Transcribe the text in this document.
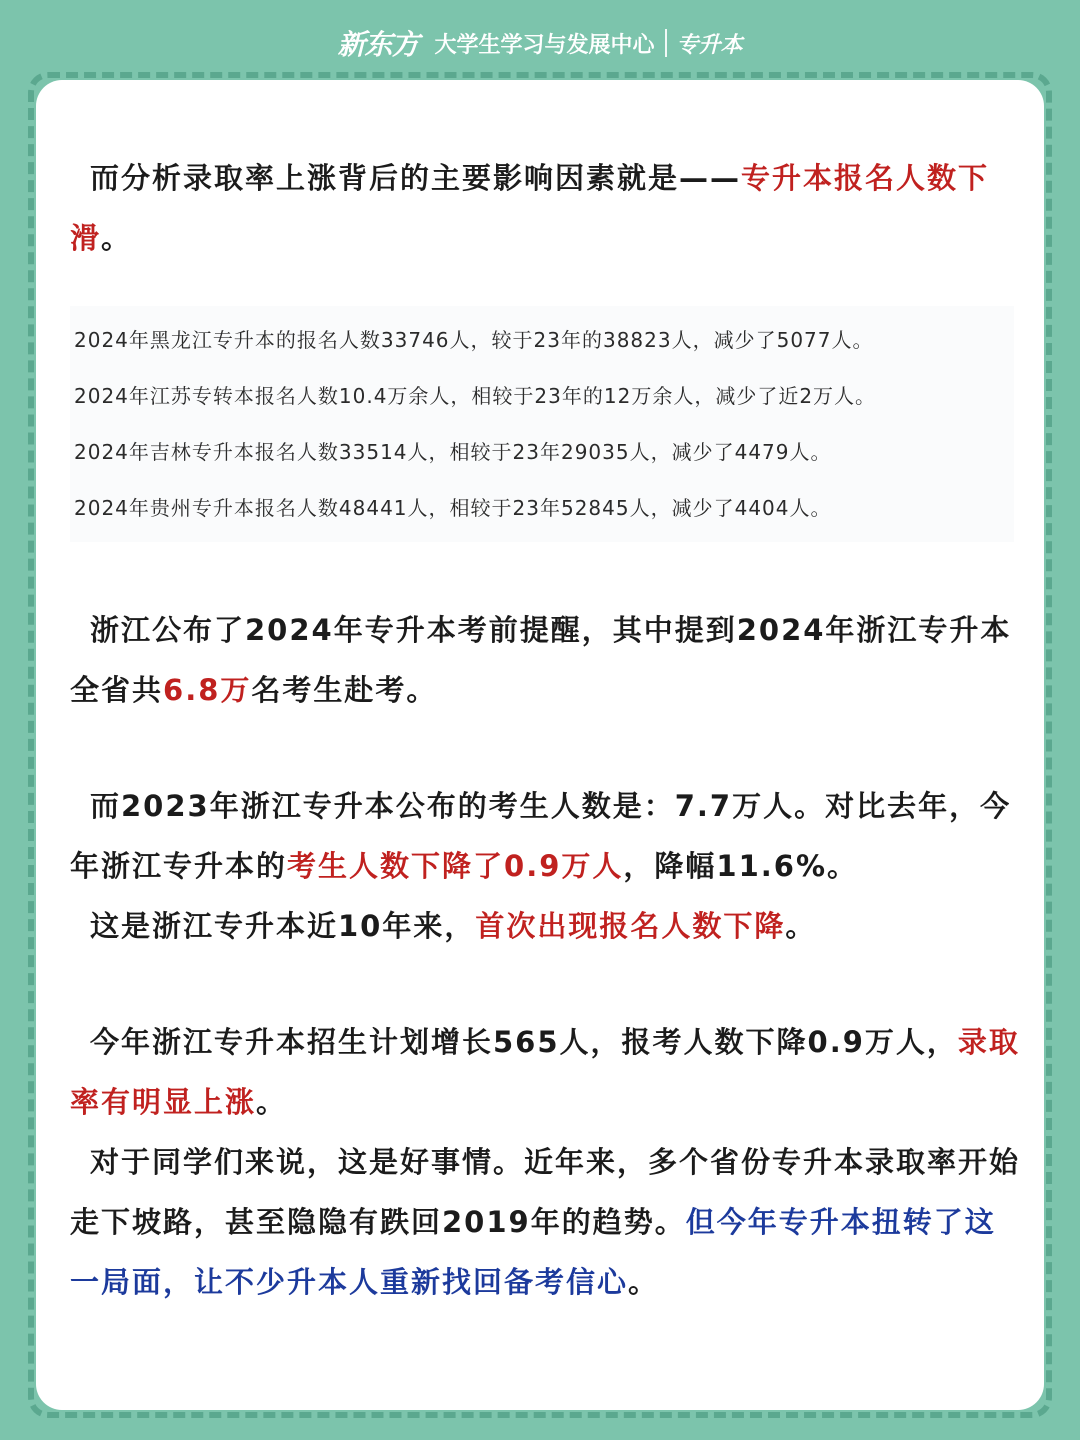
新东方 大学生学习与发展中心 专升本

而分析录取率上涨背后的主要影响因素就是——专升本报名人数下滑。

2024年黑龙江专升本的报名人数33746人，较于23年的38823人，减少了5077人。

2024年江苏专转本报名人数10.4万余人，相较于23年的12万余人，减少了近2万人。

2024年吉林专升本报名人数33514人，相较于23年29035人，减少了4479人。

2024年贵州专升本报名人数48441人，相较于23年52845人，减少了4404人。

浙江公布了2024年专升本考前提醒，其中提到2024年浙江专升本全省共6.8万名考生赴考。

而2023年浙江专升本公布的考生人数是：7.7万人。对比去年，今年浙江专升本的考生人数下降了0.9万人，降幅11.6%。

这是浙江专升本近10年来，首次出现报名人数下降。

今年浙江专升本招生计划增长565人，报考人数下降0.9万人，录取率有明显上涨。

对于同学们来说，这是好事情。近年来，多个省份专升本录取率开始走下坡路，甚至隐隐有跌回2019年的趋势。但今年专升本扭转了这一局面，让不少升本人重新找回备考信心。
